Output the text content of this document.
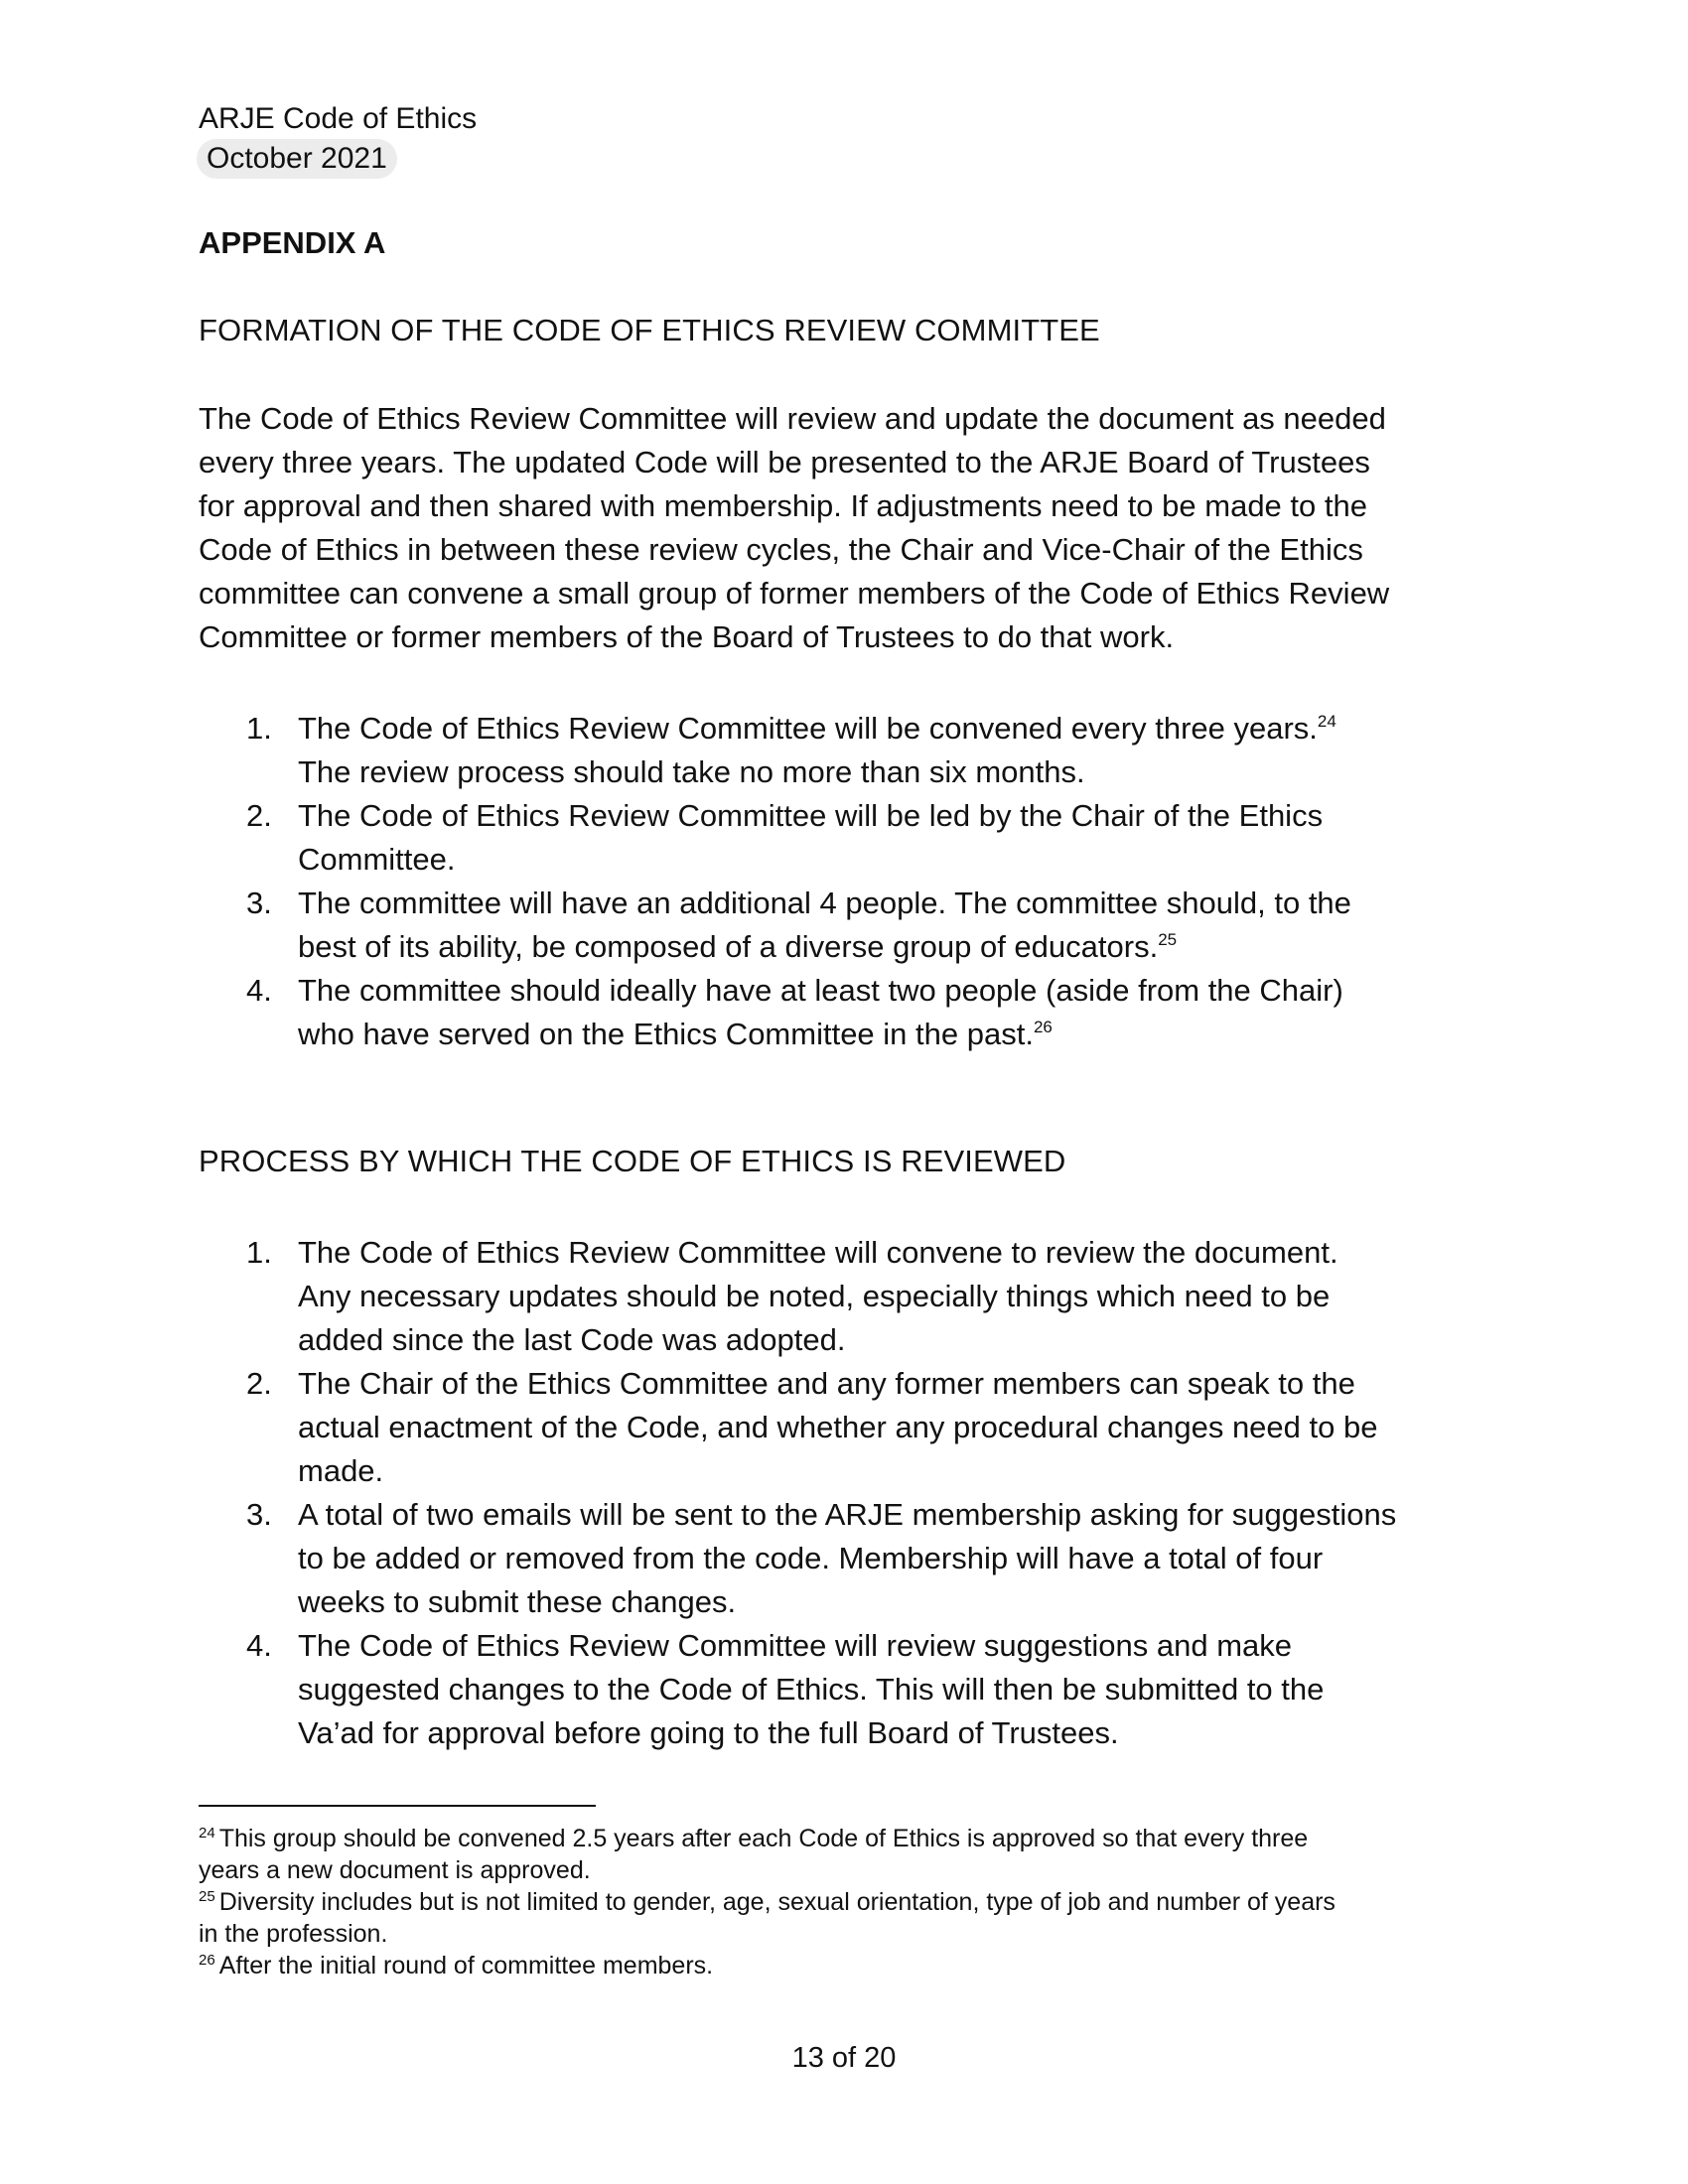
ARJE Code of Ethics
October 2021
APPENDIX A
FORMATION OF THE CODE OF ETHICS REVIEW COMMITTEE

The Code of Ethics Review Committee will review and update the document as needed
every three years. The updated Code will be presented to the ARJE Board of Trustees
for approval and then shared with membership. If adjustments need to be made to the
Code of Ethics in between these review cycles, the Chair and Vice-Chair of the Ethics
committee can convene a small group of former members of the Code of Ethics Review
Committee or former members of the Board of Trustees to do that work.

1. The Code of Ethics Review Committee will be convened every three years.$^{24}$
The review process should take no more than six months.
2. The Code of Ethics Review Committee will be led by the Chair of the Ethics
Committee.
3. The committee will have an additional 4 people. The committee should, to the
best of its ability, be composed of a diverse group of educators.$^{25}$
4. The committee should ideally have at least two people (aside from the Chair)
who have served on the Ethics Committee in the past.$^{26}$
PROCESS BY WHICH THE CODE OF ETHICS IS REVIEWED
1. The Code of Ethics Review Committee will convene to review the document.
Any necessary updates should be noted, especially things which need to be
added since the last Code was adopted.
2. The Chair of the Ethics Committee and any former members can speak to the
actual enactment of the Code, and whether any procedural changes need to be
made.
3. A total of two emails will be sent to the ARJE membership asking for suggestions
to be added or removed from the code. Membership will have a total of four
weeks to submit these changes.
4. The Code of Ethics Review Committee will review suggestions and make
suggested changes to the Code of Ethics. This will then be submitted to the
Va’ad for approval before going to the full Board of Trustees.
$^{24}$ This group should be convened 2.5 years after each Code of Ethics is approved so that every three
years a new document is approved.
$^{25}$ Diversity includes but is not limited to gender, age, sexual orientation, type of job and number of years
in the profession.
$^{26}$ After the initial round of committee members.
13 of 20
